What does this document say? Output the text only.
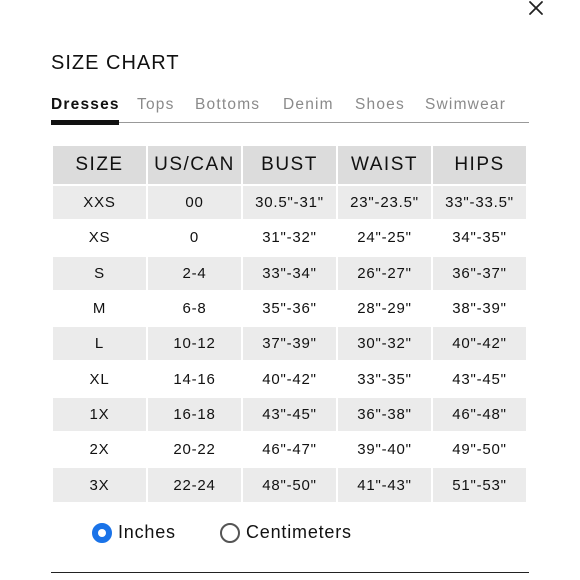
SIZE CHART
Dresses Tops Bottoms Denim Shoes Swimwear
SIZE	US/CAN	BUST	WAIST	HIPS
XXS	00	30.5"-31"	23"-23.5"	33"-33.5"
XS	0	31"-32"	24"-25"	34"-35"
S	2-4	33"-34"	26"-27"	36"-37"
M	6-8	35"-36"	28"-29"	38"-39"
L	10-12	37"-39"	30"-32"	40"-42"
XL	14-16	40"-42"	33"-35"	43"-45"
1X	16-18	43"-45"	36"-38"	46"-48"
2X	20-22	46"-47"	39"-40"	49"-50"
3X	22-24	48"-50"	41"-43"	51"-53"
Inches	Centimeters
